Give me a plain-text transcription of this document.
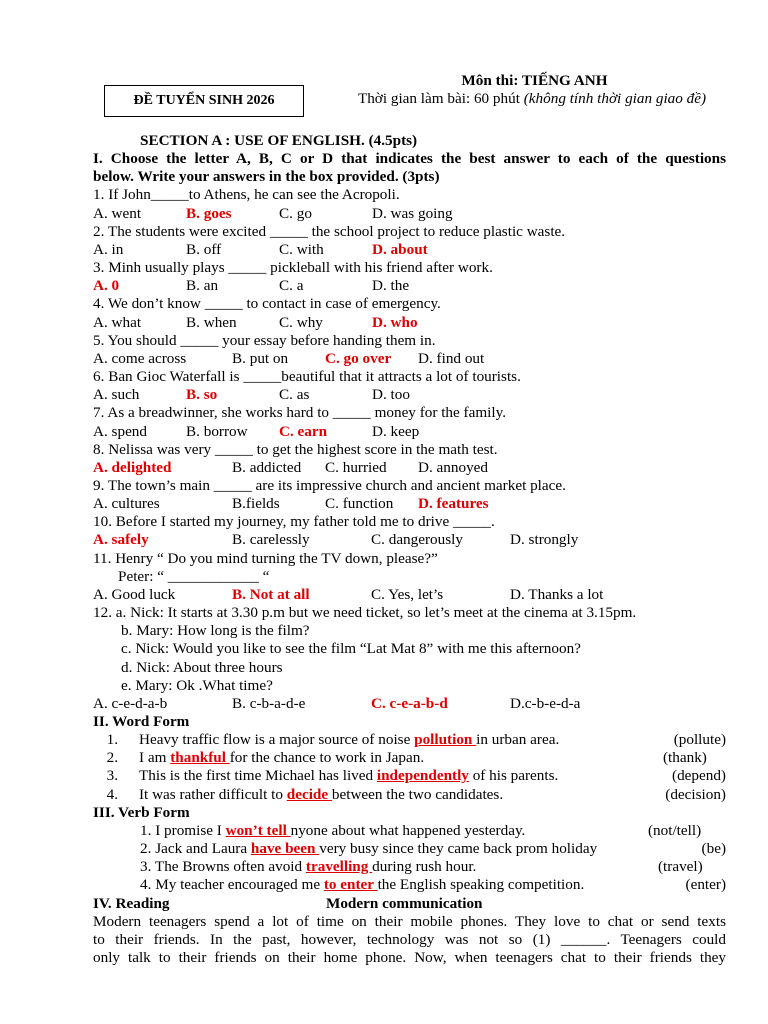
ĐỀ TUYỂN SINH 2026
Môn thi: TIẾNG ANH
Thời gian làm bài: 60 phút (không tính thời gian giao đề)
SECTION A : USE OF ENGLISH. (4.5pts)
I. Choose the letter A, B, C or D that indicates the best answer to each of the questions
below. Write your answers in the box provided. (3pts)
1. If John_____to Athens, he can see the Acropoli.
A. went	B. goes	C. go	D. was going
2. The students were excited _____ the school project to reduce plastic waste.
A. in	B. off	C. with	D. about
3. Minh usually plays _____ pickleball with his friend after work.
A. 0	B. an	C. a	D. the
4. We don’t know _____ to contact in case of emergency.
A. what	B. when	C. why	D. who
5. You should _____ your essay before handing them in.
A. come across	B. put on	C. go over	D. find out
6. Ban Gioc Waterfall is _____beautiful that it attracts a lot of tourists.
A. such	B. so	C. as	D. too
7. As a breadwinner, she works hard to _____ money for the family.
A. spend	B. borrow	C. earn	D. keep
8. Nelissa was very _____ to get the highest score in the math test.
A. delighted	B. addicted	C. hurried	D. annoyed
9. The town’s main _____ are its impressive church and ancient market place.
A. cultures	B.fields	C. function	D. features
10. Before I started my journey, my father told me to drive _____.
A. safely	B. carelessly	C. dangerously	D. strongly
11. Henry “ Do you mind turning the TV down, please?”
Peter: “ ____________ “
A. Good luck	B. Not at all	C. Yes, let’s	D. Thanks a lot
12. a. Nick: It starts at 3.30 p.m but we need ticket, so let’s meet at the cinema at 3.15pm.
b. Mary: How long is the film?
c. Nick: Would you like to see the film “Lat Mat 8” with me this afternoon?
d. Nick: About three hours
e. Mary: Ok .What time?
A. c-e-d-a-b	B. c-b-a-d-e	C. c-e-a-b-d	D.c-b-e-d-a
II. Word Form
1.	Heavy traffic flow is a major source of noise pollution in urban area.	(pollute)
2.	I am thankful for the chance to work in Japan.	(thank)
3.	This is the first time Michael has lived independently of his parents.	(depend)
4.	It was rather difficult to decide between the two candidates.	(decision)
III. Verb Form
1. I promise I won’t tell nyone about what happened yesterday.	(not/tell)
2. Jack and Laura have been very busy since they came back prom holiday	(be)
3. The Browns often avoid travelling during rush hour.	(travel)
4. My teacher encouraged me to enter the English speaking competition.	(enter)
IV. Reading	Modern communication
Modern teenagers spend a lot of time on their mobile phones. They love to chat or send texts
to their friends. In the past, however, technology was not so (1) ______. Teenagers could
only talk to their friends on their home phone. Now, when teenagers chat to their friends they
